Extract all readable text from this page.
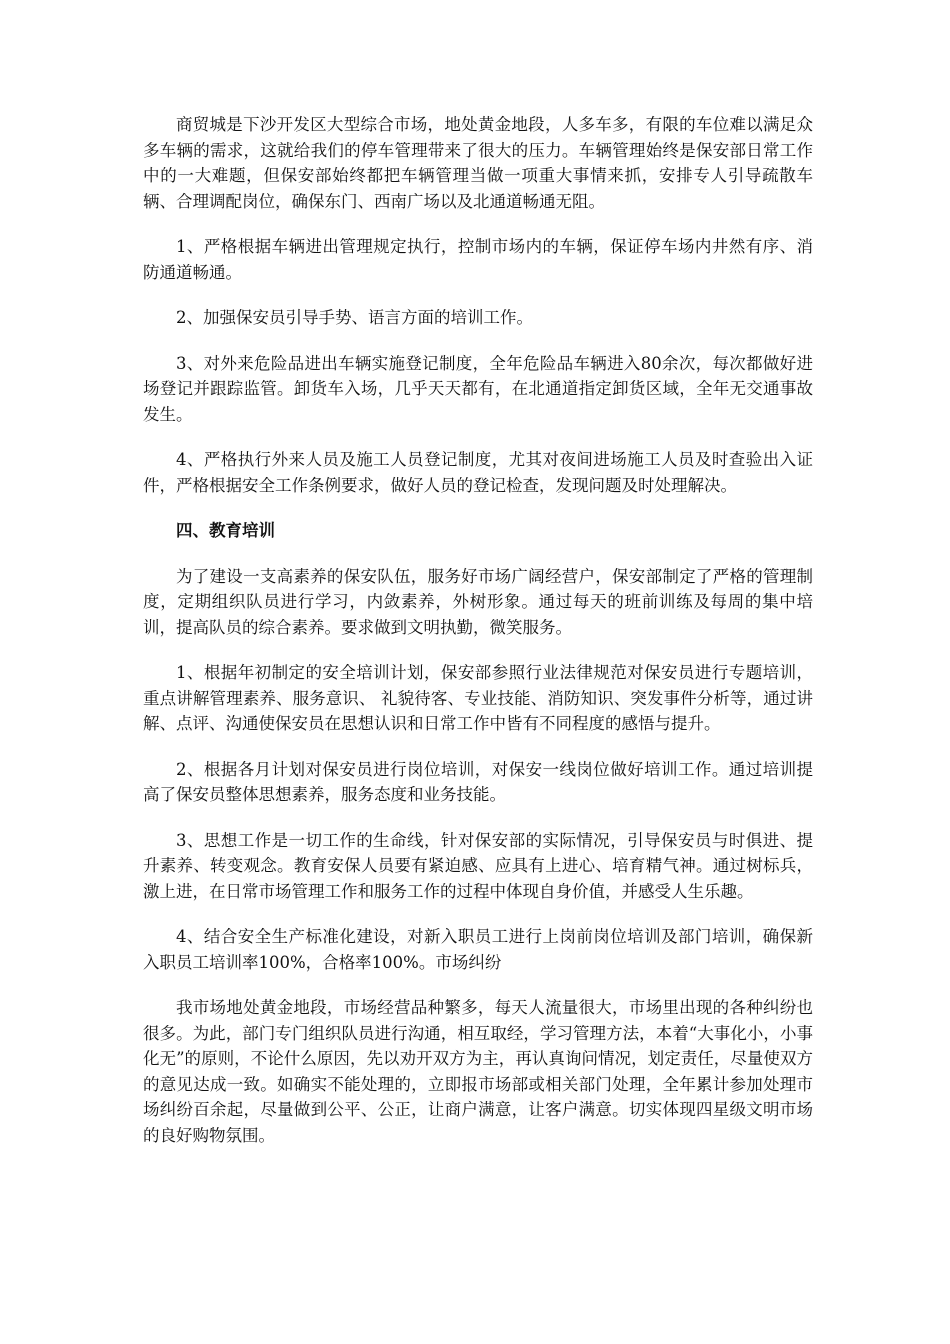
商贸城是下沙开发区大型综合市场，地处黄金地段，人多车多，有限的车位难以满足众多车辆的需求，这就给我们的停车管理带来了很大的压力。车辆管理始终是保安部日常工作中的一大难题，但保安部始终都把车辆管理当做一项重大事情来抓，安排专人引导疏散车辆、合理调配岗位，确保东门、西南广场以及北通道畅通无阻。

1、严格根据车辆进出管理规定执行，控制市场内的车辆，保证停车场内井然有序、消防通道畅通。

2、加强保安员引导手势、语言方面的培训工作。

3、对外来危险品进出车辆实施登记制度，全年危险品车辆进入80余次，每次都做好进场登记并跟踪监管。卸货车入场，几乎天天都有，在北通道指定卸货区域，全年无交通事故发生。

4、严格执行外来人员及施工人员登记制度，尤其对夜间进场施工人员及时查验出入证件，严格根据安全工作条例要求，做好人员的登记检查，发现问题及时处理解决。

四、教育培训

为了建设一支高素养的保安队伍，服务好市场广阔经营户，保安部制定了严格的管理制度，定期组织队员进行学习，内敛素养，外树形象。通过每天的班前训练及每周的集中培训，提高队员的综合素养。要求做到文明执勤，微笑服务。

1、根据年初制定的安全培训计划，保安部参照行业法律规范对保安员进行专题培训，重点讲解管理素养、服务意识、 礼貌待客、专业技能、消防知识、突发事件分析等，通过讲解、点评、沟通使保安员在思想认识和日常工作中皆有不同程度的感悟与提升。

2、根据各月计划对保安员进行岗位培训，对保安一线岗位做好培训工作。通过培训提高了保安员整体思想素养，服务态度和业务技能。

3、思想工作是一切工作的生命线，针对保安部的实际情况，引导保安员与时俱进、提升素养、转变观念。教育安保人员要有紧迫感、应具有上进心、培育精气神。通过树标兵，激上进，在日常市场管理工作和服务工作的过程中体现自身价值，并感受人生乐趣。

4、结合安全生产标准化建设，对新入职员工进行上岗前岗位培训及部门培训，确保新入职员工培训率100%，合格率100%。市场纠纷

我市场地处黄金地段，市场经营品种繁多，每天人流量很大，市场里出现的各种纠纷也很多。为此，部门专门组织队员进行沟通，相互取经，学习管理方法，本着“大事化小，小事化无”的原则，不论什么原因，先以劝开双方为主，再认真询问情况，划定责任，尽量使双方的意见达成一致。如确实不能处理的，立即报市场部或相关部门处理，全年累计参加处理市场纠纷百余起，尽量做到公平、公正，让商户满意，让客户满意。切实体现四星级文明市场的良好购物氛围。
